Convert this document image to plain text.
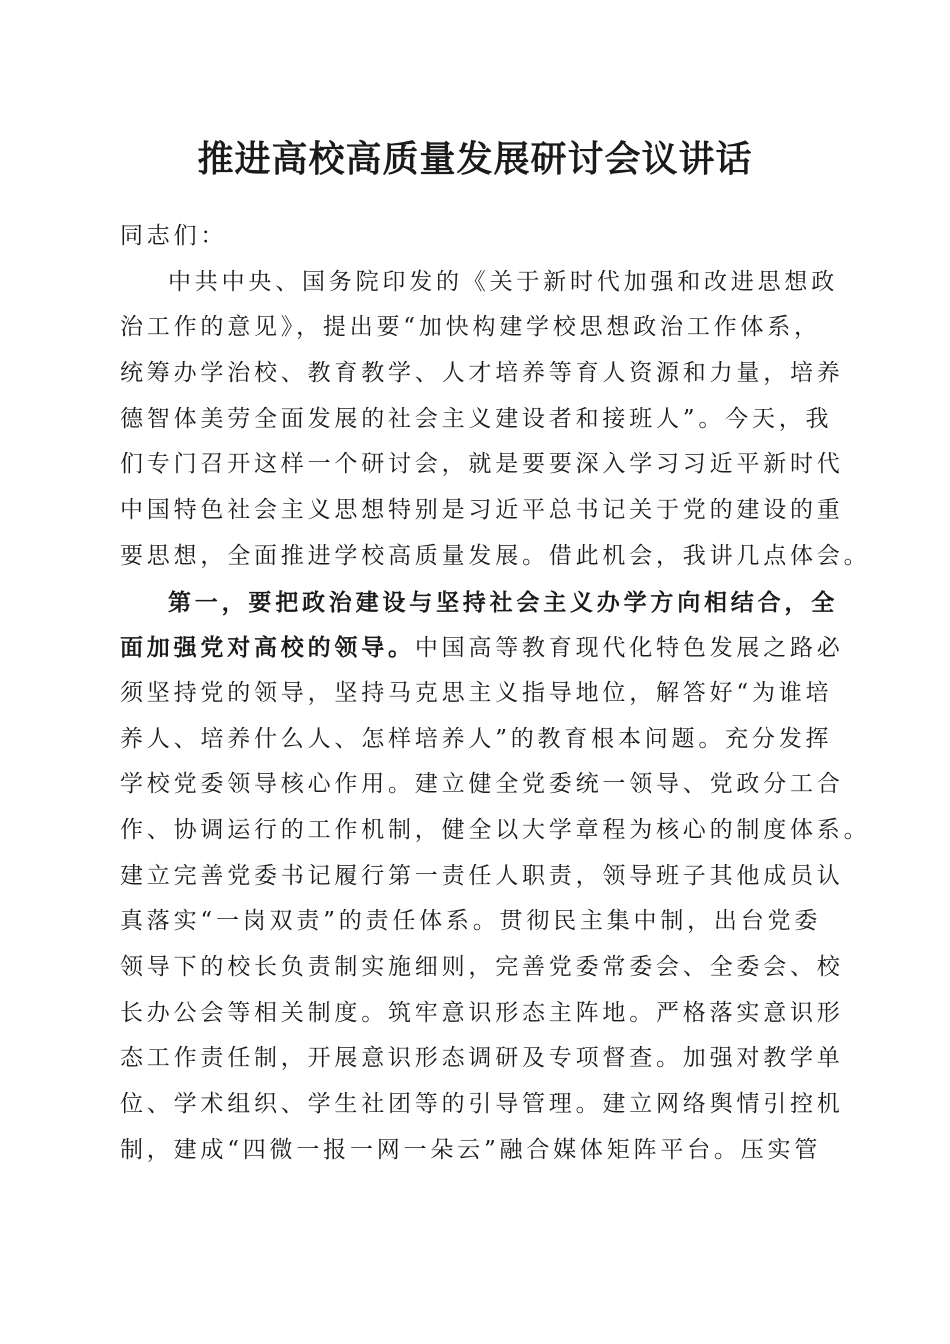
推进高校高质量发展研讨会议讲话
同志们：
中共中央、国务院印发的《关于新时代加强和改进思想政
治工作的意见》，提出要“加快构建学校思想政治工作体系，
统筹办学治校、教育教学、人才培养等育人资源和力量，培养
德智体美劳全面发展的社会主义建设者和接班人”。今天，我
们专门召开这样一个研讨会，就是要要深入学习习近平新时代
中国特色社会主义思想特别是习近平总书记关于党的建设的重
要思想，全面推进学校高质量发展。借此机会，我讲几点体会。
第一，要把政治建设与坚持社会主义办学方向相结合，全
面加强党对高校的领导。中国高等教育现代化特色发展之路必
须坚持党的领导，坚持马克思主义指导地位，解答好“为谁培
养人、培养什么人、怎样培养人”的教育根本问题。充分发挥
学校党委领导核心作用。建立健全党委统一领导、党政分工合
作、协调运行的工作机制，健全以大学章程为核心的制度体系。
建立完善党委书记履行第一责任人职责，领导班子其他成员认
真落实“一岗双责”的责任体系。贯彻民主集中制，出台党委
领导下的校长负责制实施细则，完善党委常委会、全委会、校
长办公会等相关制度。筑牢意识形态主阵地。严格落实意识形
态工作责任制，开展意识形态调研及专项督查。加强对教学单
位、学术组织、学生社团等的引导管理。建立网络舆情引控机
制，建成“四微一报一网一朵云”融合媒体矩阵平台。压实管
